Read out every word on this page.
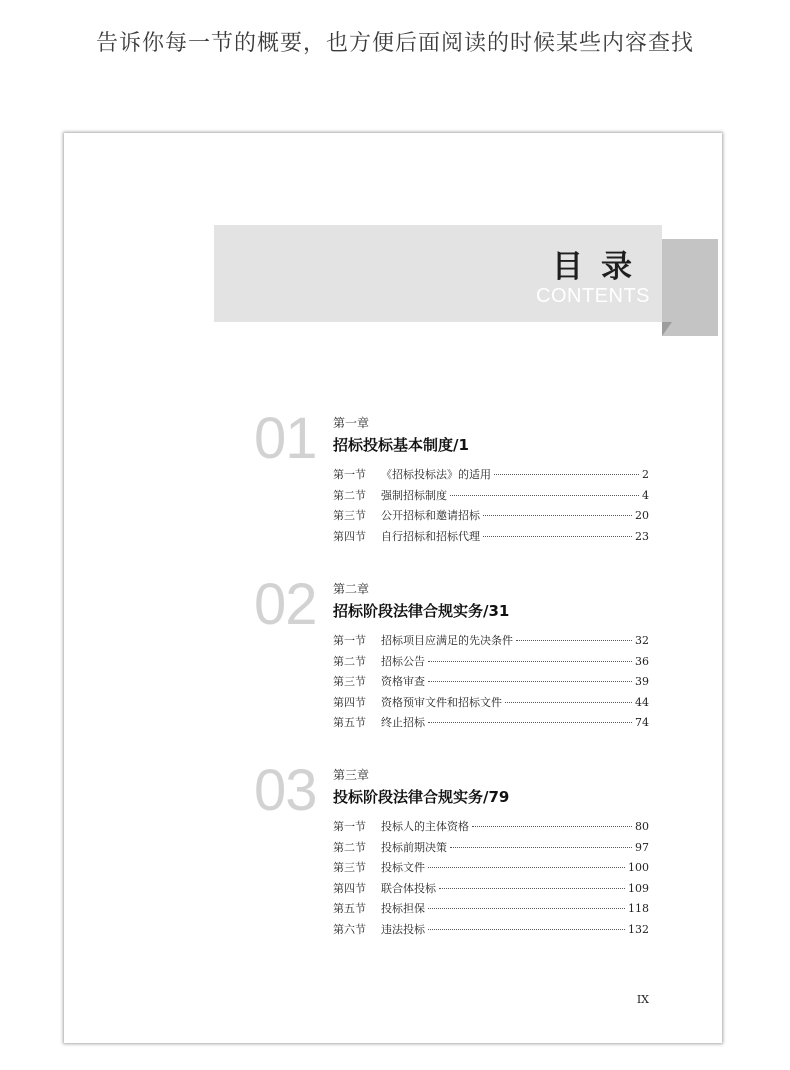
告诉你每一节的概要，也方便后面阅读的时候某些内容查找
目录
CONTENTS
01 第一章
招标投标基本制度/1
第一节	《招标投标法》的适用	2
第二节	强制招标制度	4
第三节	公开招标和邀请招标	20
第四节	自行招标和招标代理	23
02 第二章
招标阶段法律合规实务/31
第一节	招标项目应满足的先决条件	32
第二节	招标公告	36
第三节	资格审查	39
第四节	资格预审文件和招标文件	44
第五节	终止招标	74
03 第三章
投标阶段法律合规实务/79
第一节	投标人的主体资格	80
第二节	投标前期决策	97
第三节	投标文件	100
第四节	联合体投标	109
第五节	投标担保	118
第六节	违法投标	132
IX
